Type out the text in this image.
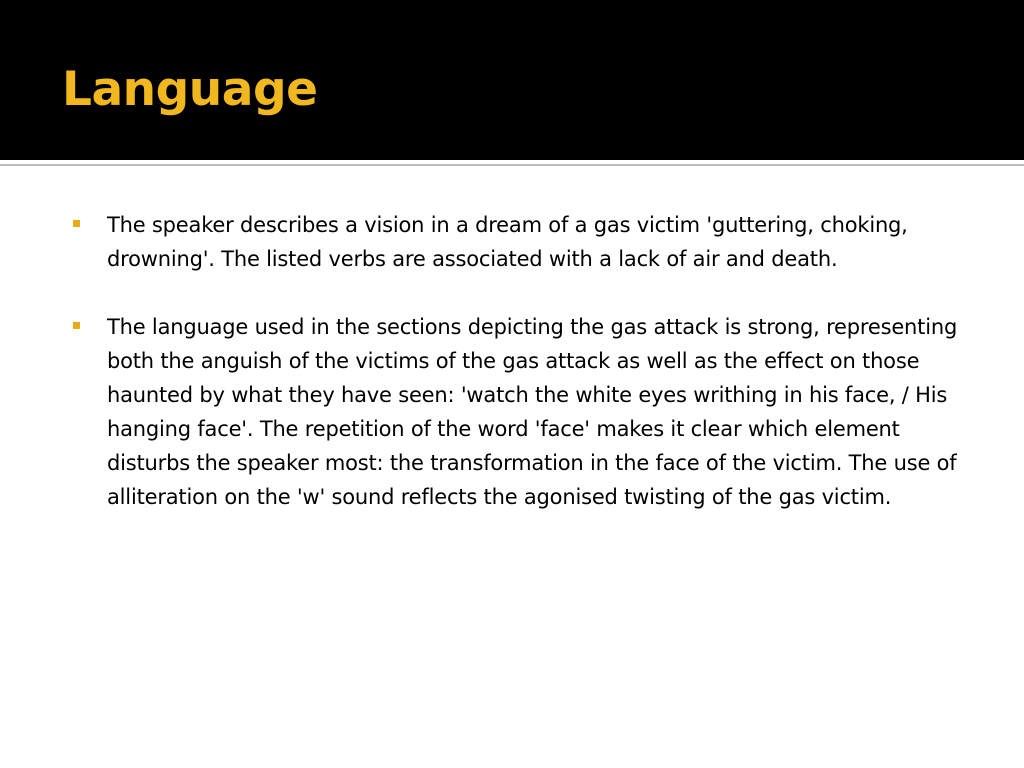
Language
The speaker describes a vision in a dream of a gas victim 'guttering, choking, drowning'. The listed verbs are associated with a lack of air and death.
The language used in the sections depicting the gas attack is strong, representing both the anguish of the victims of the gas attack as well as the effect on those haunted by what they have seen: 'watch the white eyes writhing in his face, / His hanging face'. The repetition of the word 'face' makes it clear which element disturbs the speaker most: the transformation in the face of the victim. The use of alliteration on the 'w' sound reflects the agonised twisting of the gas victim.
